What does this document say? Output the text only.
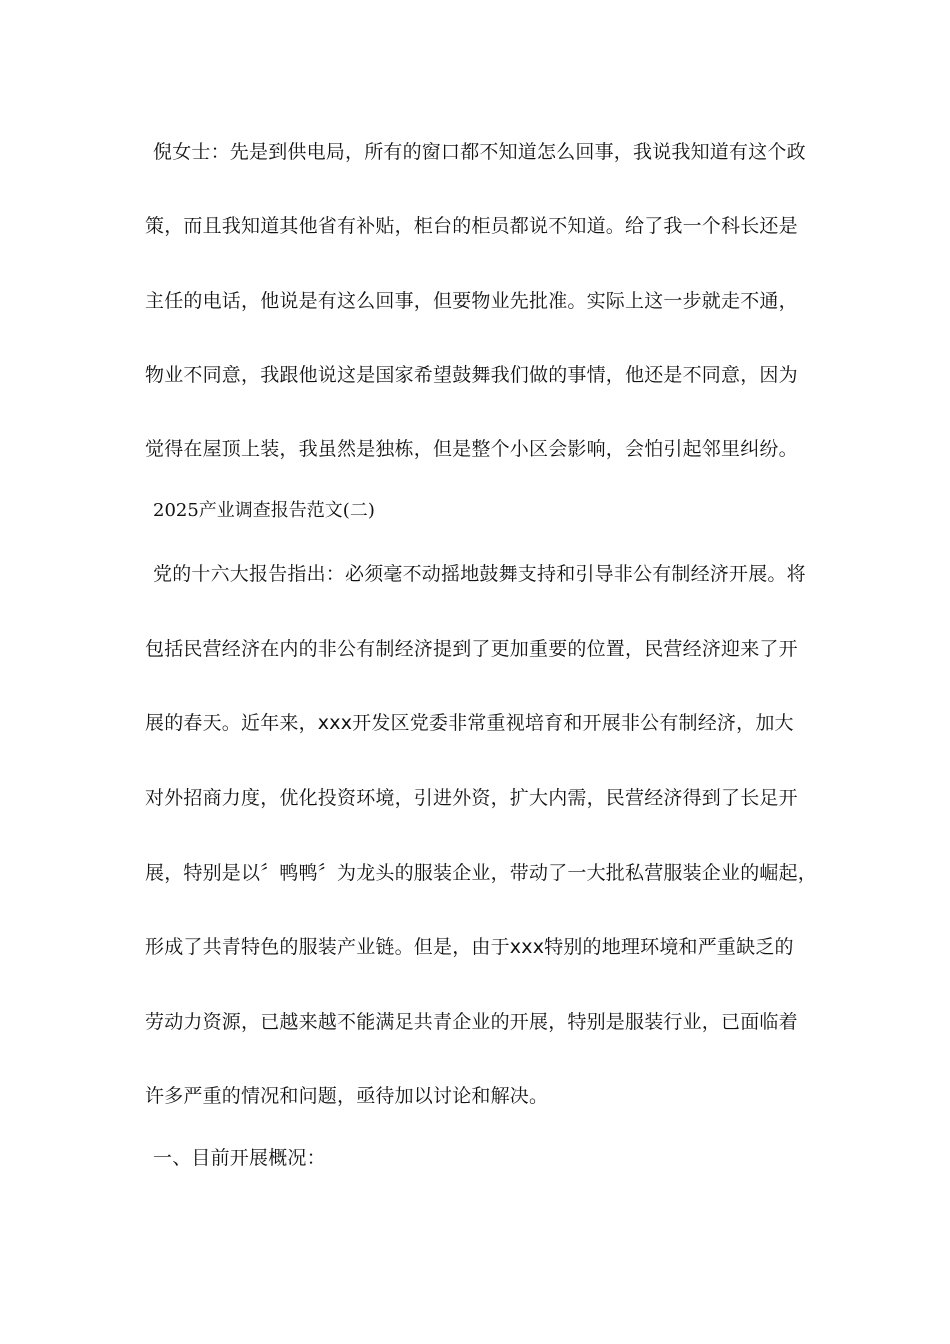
倪女士：先是到供电局，所有的窗口都不知道怎么回事，我说我知道有这个政
策，而且我知道其他省有补贴，柜台的柜员都说不知道。给了我一个科长还是
主任的电话，他说是有这么回事，但要物业先批准。实际上这一步就走不通，
物业不同意，我跟他说这是国家希望鼓舞我们做的事情，他还是不同意，因为
觉得在屋顶上装，我虽然是独栋，但是整个小区会影响，会怕引起邻里纠纷。
2025产业调查报告范文(二)
党的十六大报告指出：必须毫不动摇地鼓舞支持和引导非公有制经济开展。将
包括民营经济在内的非公有制经济提到了更加重要的位置，民营经济迎来了开
展的春天。近年来，xxx开发区党委非常重视培育和开展非公有制经济，加大
对外招商力度，优化投资环境，引进外资，扩大内需，民营经济得到了长足开
展，特别是以〞鸭鸭〞为龙头的服装企业，带动了一大批私营服装企业的崛起，
形成了共青特色的服装产业链。但是，由于xxx特别的地理环境和严重缺乏的
劳动力资源，已越来越不能满足共青企业的开展，特别是服装行业，已面临着
许多严重的情况和问题，亟待加以讨论和解决。
一、目前开展概况：
